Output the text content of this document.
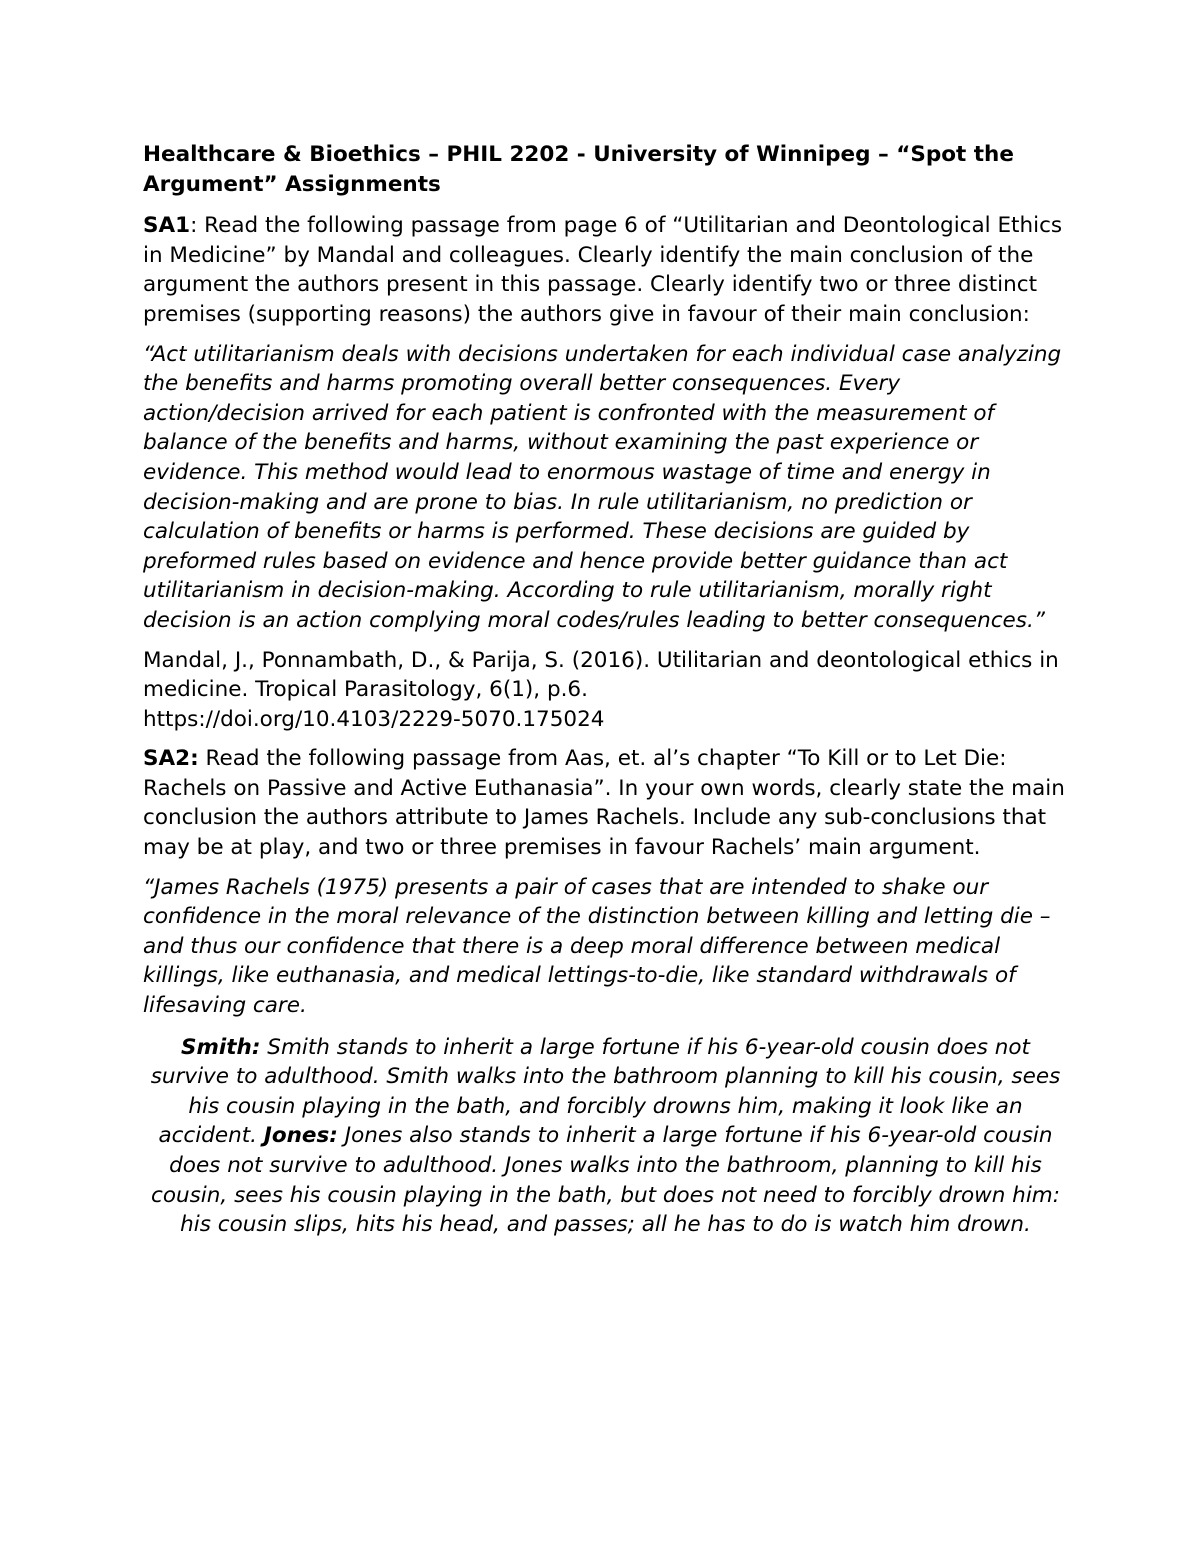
Healthcare & Bioethics – PHIL 2202 - University of Winnipeg – “Spot the Argument” Assignments

SA1: Read the following passage from page 6 of “Utilitarian and Deontological Ethics in Medicine” by Mandal and colleagues. Clearly identify the main conclusion of the argument the authors present in this passage. Clearly identify two or three distinct premises (supporting reasons) the authors give in favour of their main conclusion:

“Act utilitarianism deals with decisions undertaken for each individual case analyzing the benefits and harms promoting overall better consequences. Every action/decision arrived for each patient is confronted with the measurement of balance of the benefits and harms, without examining the past experience or evidence. This method would lead to enormous wastage of time and energy in decision‑making and are prone to bias. In rule utilitarianism, no prediction or calculation of benefits or harms is performed. These decisions are guided by preformed rules based on evidence and hence provide better guidance than act utilitarianism in decision‑making. According to rule utilitarianism, morally right decision is an action complying moral codes/rules leading to better consequences.”

Mandal, J., Ponnambath, D., & Parija, S. (2016). Utilitarian and deontological ethics in medicine. Tropical Parasitology, 6(1), p.6.
https://doi.org/10.4103/2229-5070.175024

SA2: Read the following passage from Aas, et. al’s chapter “To Kill or to Let Die: Rachels on Passive and Active Euthanasia”. In your own words, clearly state the main conclusion the authors attribute to James Rachels. Include any sub-conclusions that may be at play, and two or three premises in favour Rachels’ main argument.

“James Rachels (1975) presents a pair of cases that are intended to shake our confidence in the moral relevance of the distinction between killing and letting die – and thus our confidence that there is a deep moral difference between medical killings, like euthanasia, and medical lettings-to-die, like standard withdrawals of lifesaving care.

Smith: Smith stands to inherit a large fortune if his 6-year-old cousin does not survive to adulthood. Smith walks into the bathroom planning to kill his cousin, sees his cousin playing in the bath, and forcibly drowns him, making it look like an accident. Jones: Jones also stands to inherit a large fortune if his 6-year-old cousin does not survive to adulthood. Jones walks into the bathroom, planning to kill his cousin, sees his cousin playing in the bath, but does not need to forcibly drown him: his cousin slips, hits his head, and passes; all he has to do is watch him drown.
